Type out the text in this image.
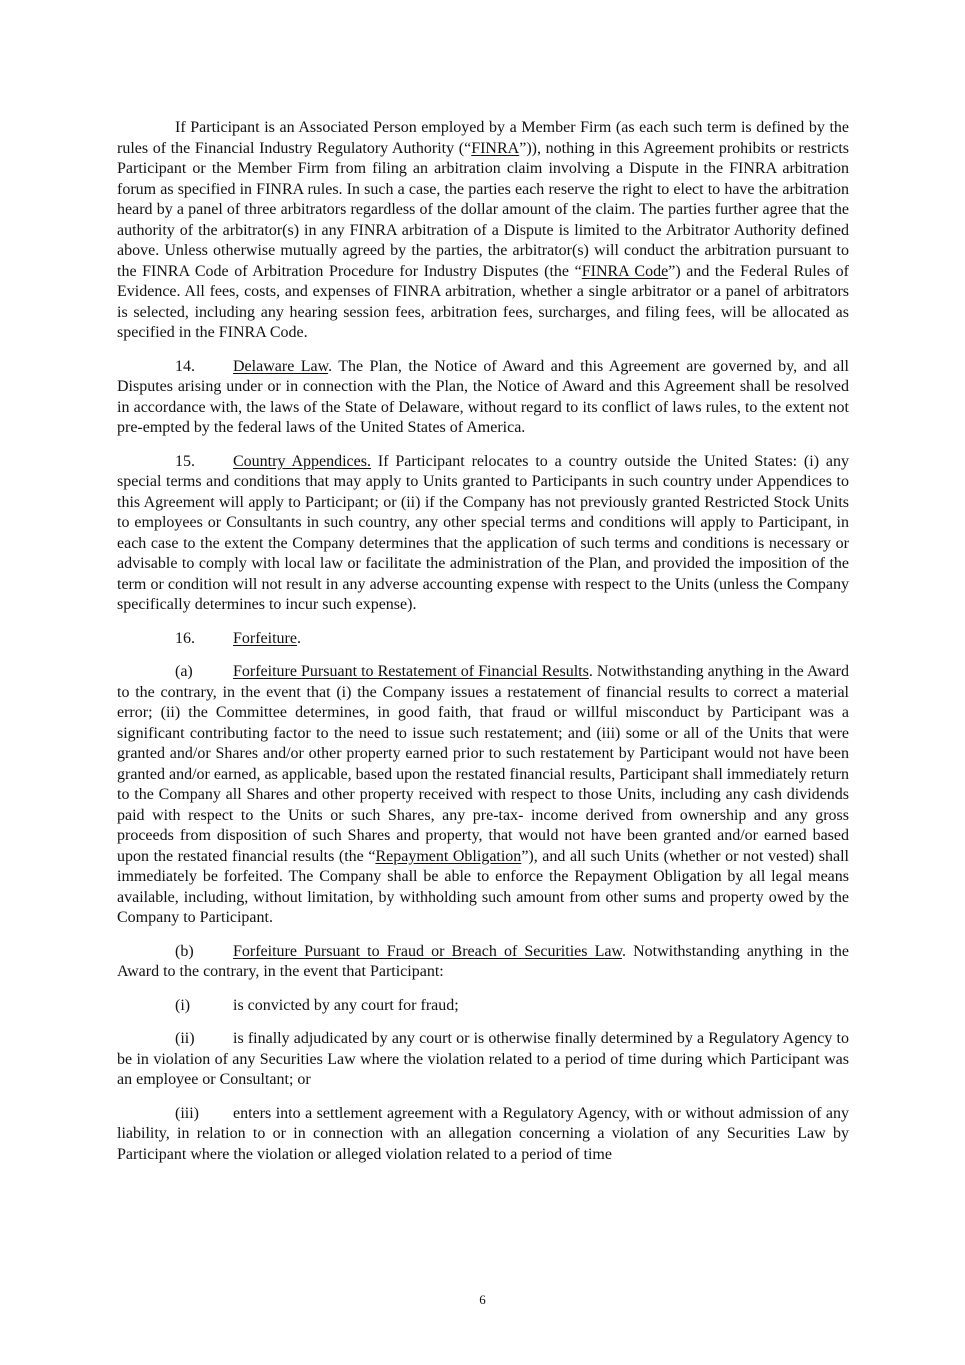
If Participant is an Associated Person employed by a Member Firm (as each such term is defined by the rules of the Financial Industry Regulatory Authority (“FINRA”)), nothing in this Agreement prohibits or restricts Participant or the Member Firm from filing an arbitration claim involving a Dispute in the FINRA arbitration forum as specified in FINRA rules. In such a case, the parties each reserve the right to elect to have the arbitration heard by a panel of three arbitrators regardless of the dollar amount of the claim. The parties further agree that the authority of the arbitrator(s) in any FINRA arbitration of a Dispute is limited to the Arbitrator Authority defined above. Unless otherwise mutually agreed by the parties, the arbitrator(s) will conduct the arbitration pursuant to the FINRA Code of Arbitration Procedure for Industry Disputes (the “FINRA Code”) and the Federal Rules of Evidence. All fees, costs, and expenses of FINRA arbitration, whether a single arbitrator or a panel of arbitrators is selected, including any hearing session fees, arbitration fees, surcharges, and filing fees, will be allocated as specified in the FINRA Code.

14. Delaware Law. The Plan, the Notice of Award and this Agreement are governed by, and all Disputes arising under or in connection with the Plan, the Notice of Award and this Agreement shall be resolved in accordance with, the laws of the State of Delaware, without regard to its conflict of laws rules, to the extent not pre-empted by the federal laws of the United States of America.

15. Country Appendices. If Participant relocates to a country outside the United States: (i) any special terms and conditions that may apply to Units granted to Participants in such country under Appendices to this Agreement will apply to Participant; or (ii) if the Company has not previously granted Restricted Stock Units to employees or Consultants in such country, any other special terms and conditions will apply to Participant, in each case to the extent the Company determines that the application of such terms and conditions is necessary or advisable to comply with local law or facilitate the administration of the Plan, and provided the imposition of the term or condition will not result in any adverse accounting expense with respect to the Units (unless the Company specifically determines to incur such expense).

16. Forfeiture.

(a)	Forfeiture Pursuant to Restatement of Financial Results. Notwithstanding anything in the Award to the contrary, in the event that (i) the Company issues a restatement of financial results to correct a material error; (ii) the Committee determines, in good faith, that fraud or willful misconduct by Participant was a significant contributing factor to the need to issue such restatement; and (iii) some or all of the Units that were granted and/or Shares and/or other property earned prior to such restatement by Participant would not have been granted and/or earned, as applicable, based upon the restated financial results, Participant shall immediately return to the Company all Shares and other property received with respect to those Units, including any cash dividends paid with respect to the Units or such Shares, any pre-tax- income derived from ownership and any gross proceeds from disposition of such Shares and property, that would not have been granted and/or earned based upon the restated financial results (the “Repayment Obligation”), and all such Units (whether or not vested) shall immediately be forfeited. The Company shall be able to enforce the Repayment Obligation by all legal means available, including, without limitation, by withholding such amount from other sums and property owed by the Company to Participant.

(b) Forfeiture Pursuant to Fraud or Breach of Securities Law. Notwithstanding anything in the Award to the contrary, in the event that Participant:

(i)	is convicted by any court for fraud;

(ii) is finally adjudicated by any court or is otherwise finally determined by a Regulatory Agency to be in violation of any Securities Law where the violation related to a period of time during which Participant was an employee or Consultant; or

(iii) enters into a settlement agreement with a Regulatory Agency, with or without admission of any liability, in relation to or in connection with an allegation concerning a violation of any Securities Law by Participant where the violation or alleged violation related to a period of time

6
